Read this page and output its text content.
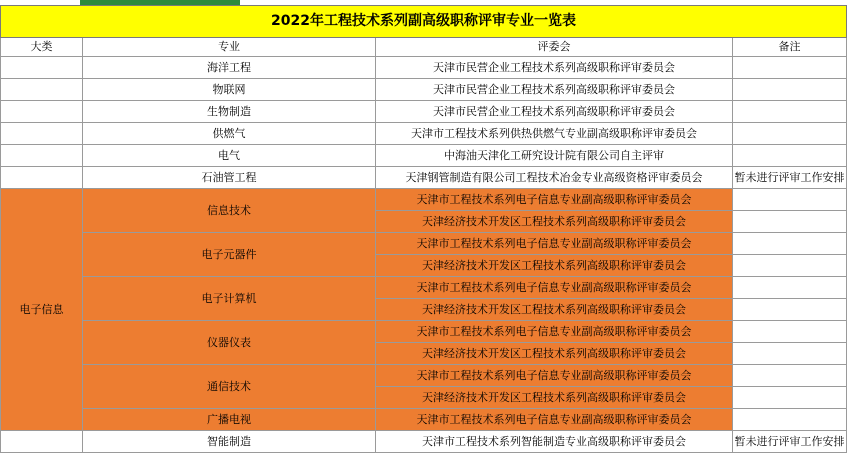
2022年工程技术系列副高级职称评审专业一览表			
大类	专业	评委会	备注
	海洋工程	天津市民营企业工程技术系列高级职称评审委员会	
	物联网	天津市民营企业工程技术系列高级职称评审委员会	
	生物制造	天津市民营企业工程技术系列高级职称评审委员会	
	供燃气	天津市工程技术系列供热供燃气专业副高级职称评审委员会	
	电气	中海油天津化工研究设计院有限公司自主评审	
	石油管工程	天津钢管制造有限公司工程技术冶金专业高级资格评审委员会	暂未进行评审工作安排
电子信息	信息技术	天津市工程技术系列电子信息专业副高级职称评审委员会	
		天津经济技术开发区工程技术系列高级职称评审委员会	
	电子元器件	天津市工程技术系列电子信息专业副高级职称评审委员会	
		天津经济技术开发区工程技术系列高级职称评审委员会	
	电子计算机	天津市工程技术系列电子信息专业副高级职称评审委员会	
		天津经济技术开发区工程技术系列高级职称评审委员会	
	仪器仪表	天津市工程技术系列电子信息专业副高级职称评审委员会	
		天津经济技术开发区工程技术系列高级职称评审委员会	
	通信技术	天津市工程技术系列电子信息专业副高级职称评审委员会	
		天津经济技术开发区工程技术系列高级职称评审委员会	
	广播电视	天津市工程技术系列电子信息专业副高级职称评审委员会	
	智能制造	天津市工程技术系列智能制造专业高级职称评审委员会	暂未进行评审工作安排
